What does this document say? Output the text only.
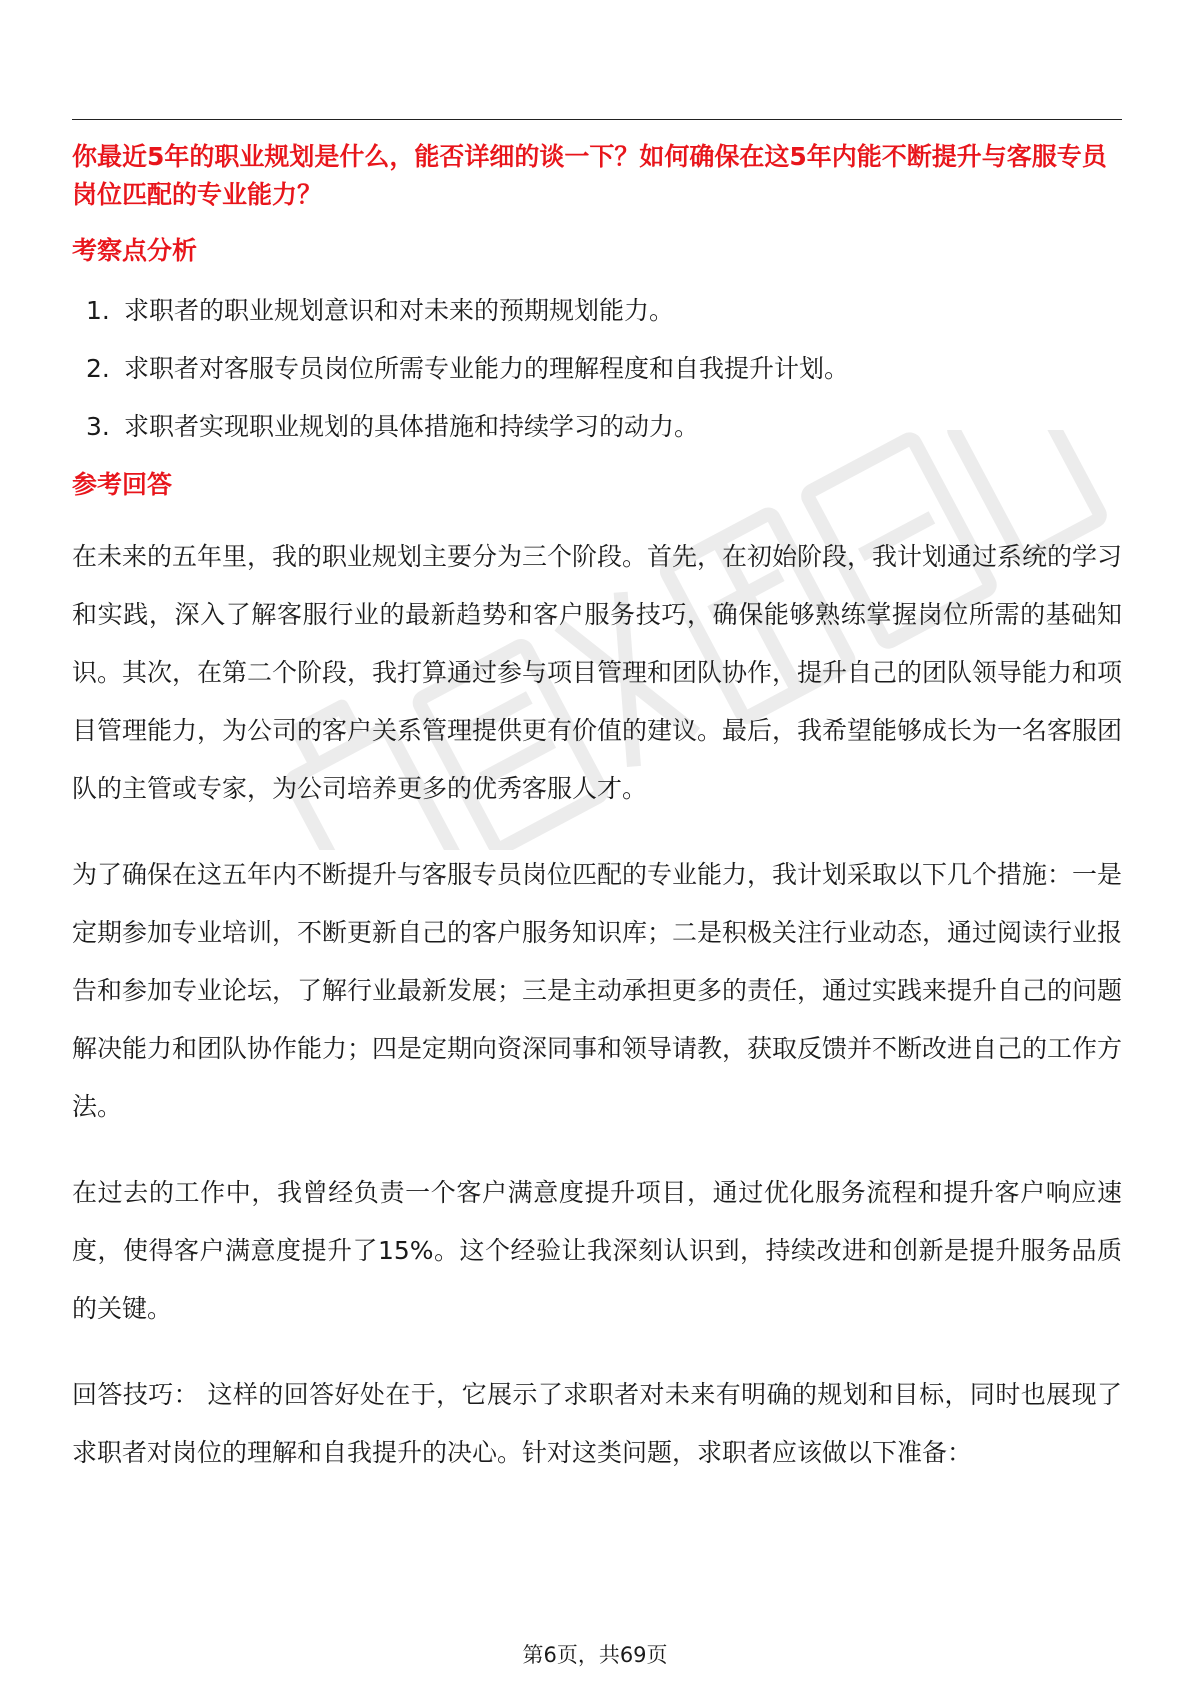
你最近5年的职业规划是什么，能否详细的谈一下？如何确保在这5年内能不断提升与客服专员岗位匹配的专业能力？

考察点分析
1. 求职者的职业规划意识和对未来的预期规划能力。
2. 求职者对客服专员岗位所需专业能力的理解程度和自我提升计划。
3. 求职者实现职业规划的具体措施和持续学习的动力。
参考回答

在未来的五年里，我的职业规划主要分为三个阶段。首先，在初始阶段，我计划通过系统的学习和实践，深入了解客服行业的最新趋势和客户服务技巧，确保能够熟练掌握岗位所需的基础知识。其次，在第二个阶段，我打算通过参与项目管理和团队协作，提升自己的团队领导能力和项目管理能力，为公司的客户关系管理提供更有价值的建议。最后，我希望能够成长为一名客服团队的主管或专家，为公司培养更多的优秀客服人才。

为了确保在这五年内不断提升与客服专员岗位匹配的专业能力，我计划采取以下几个措施：一是定期参加专业培训，不断更新自己的客户服务知识库；二是积极关注行业动态，通过阅读行业报告和参加专业论坛，了解行业最新发展；三是主动承担更多的责任，通过实践来提升自己的问题解决能力和团队协作能力；四是定期向资深同事和领导请教，获取反馈并不断改进自己的工作方法。

在过去的工作中，我曾经负责一个客户满意度提升项目，通过优化服务流程和提升客户响应速度，使得客户满意度提升了15%。这个经验让我深刻认识到，持续改进和创新是提升服务品质的关键。

回答技巧： 这样的回答好处在于，它展示了求职者对未来有明确的规划和目标，同时也展现了求职者对岗位的理解和自我提升的决心。针对这类问题，求职者应该做以下准备：

第6页，共69页
